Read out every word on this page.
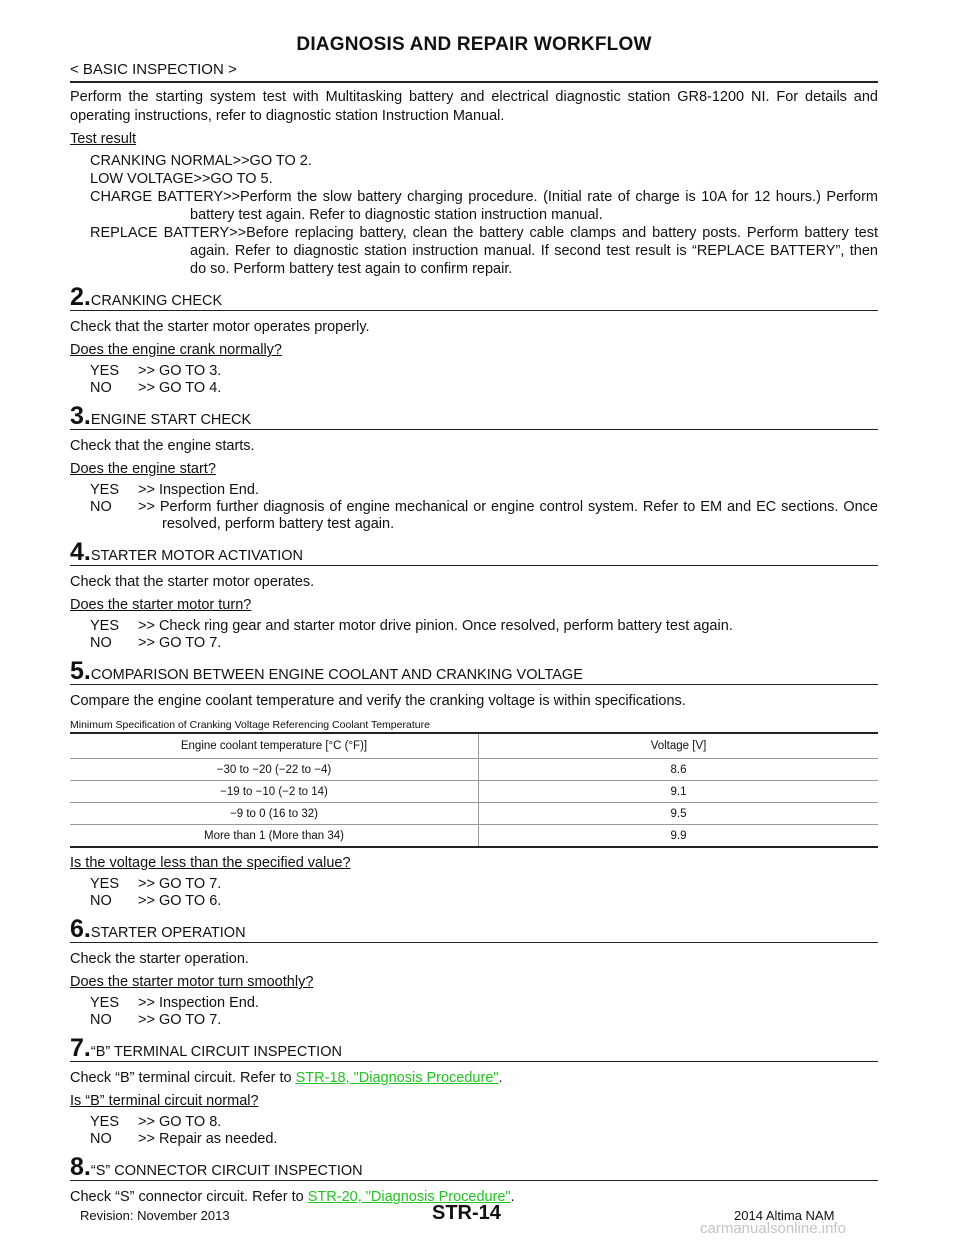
DIAGNOSIS AND REPAIR WORKFLOW
< BASIC INSPECTION >

Perform the starting system test with Multitasking battery and electrical diagnostic station GR8-1200 NI. For details and operating instructions, refer to diagnostic station Instruction Manual.

Test result
CRANKING NORMAL>>GO TO 2.
LOW VOLTAGE>>GO TO 5.
CHARGE BATTERY>>Perform the slow battery charging procedure. (Initial rate of charge is 10A for 12 hours.) Perform battery test again. Refer to diagnostic station instruction manual.
REPLACE BATTERY>>Before replacing battery, clean the battery cable clamps and battery posts. Perform battery test again. Refer to diagnostic station instruction manual. If second test result is “REPLACE BATTERY”, then do so. Perform battery test again to confirm repair.
2. CRANKING CHECK
Check that the starter motor operates properly.
Does the engine crank normally?
YES	>> GO TO 3.
NO	>> GO TO 4.
3. ENGINE START CHECK
Check that the engine starts.
Does the engine start?
YES	>> Inspection End.
NO	>> Perform further diagnosis of engine mechanical or engine control system. Refer to EM and EC sections. Once resolved, perform battery test again.
4. STARTER MOTOR ACTIVATION
Check that the starter motor operates.
Does the starter motor turn?
YES	>> Check ring gear and starter motor drive pinion. Once resolved, perform battery test again.
NO	>> GO TO 7.
5. COMPARISON BETWEEN ENGINE COOLANT AND CRANKING VOLTAGE
Compare the engine coolant temperature and verify the cranking voltage is within specifications.
Minimum Specification of Cranking Voltage Referencing Coolant Temperature
Engine coolant temperature [°C (°F)]	Voltage [V]
−30 to −20 (−22 to −4)	8.6
−19 to −10 (−2 to 14)	9.1
−9 to 0 (16 to 32)	9.5
More than 1 (More than 34)	9.9
Is the voltage less than the specified value?
YES	>> GO TO 7.
NO	>> GO TO 6.
6. STARTER OPERATION
Check the starter operation.
Does the starter motor turn smoothly?
YES	>> Inspection End.
NO	>> GO TO 7.
7. “B” TERMINAL CIRCUIT INSPECTION
Check “B” terminal circuit. Refer to STR-18, "Diagnosis Procedure".
Is “B” terminal circuit normal?
YES	>> GO TO 8.
NO	>> Repair as needed.
8. “S” CONNECTOR CIRCUIT INSPECTION
Check “S” connector circuit. Refer to STR-20, "Diagnosis Procedure".
Revision: November 2013	STR-14	2014 Altima NAM
carmanualsonline.info
